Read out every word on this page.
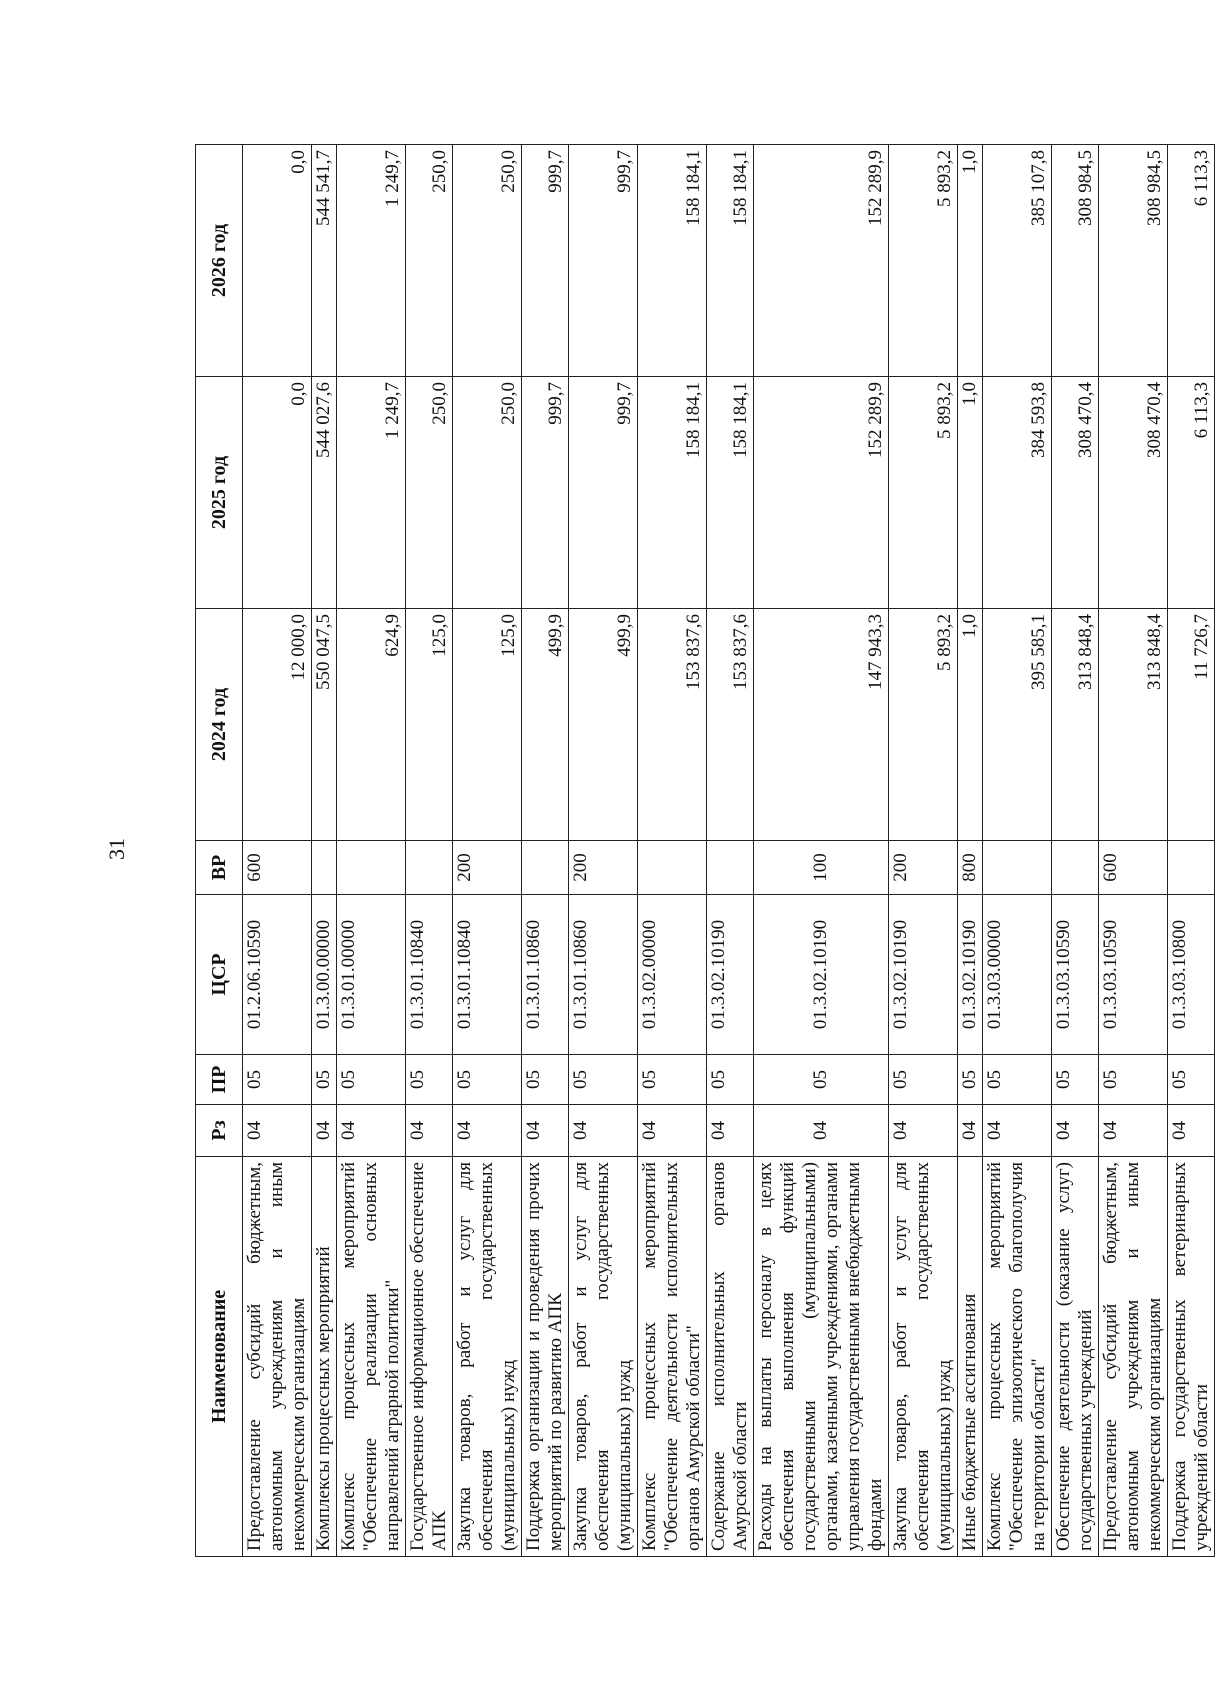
31
Наименование	Рз	ПР	ЦСР	ВР	2024 год	2025 год	2026 год
Предоставление субсидий бюджетным, автономным учреждениям и иным некоммерческим организациям	04	05	01.2.06.10590	600	12 000,0	0,0	0,0
Комплексы процессных мероприятий	04	05	01.3.00.00000		550 047,5	544 027,6	544 541,7
Комплекс процессных мероприятий "Обеспечение реализации основных направлений аграрной политики"	04	05	01.3.01.00000		624,9	1 249,7	1 249,7
Государственное информационное обеспечение АПК	04	05	01.3.01.10840		125,0	250,0	250,0
Закупка товаров, работ и услуг для обеспечения государственных (муниципальных) нужд	04	05	01.3.01.10840	200	125,0	250,0	250,0
Поддержка организации и проведения прочих мероприятий по развитию АПК	04	05	01.3.01.10860		499,9	999,7	999,7
Закупка товаров, работ и услуг для обеспечения государственных (муниципальных) нужд	04	05	01.3.01.10860	200	499,9	999,7	999,7
Комплекс процессных мероприятий "Обеспечение деятельности исполнительных органов Амурской области"	04	05	01.3.02.00000		153 837,6	158 184,1	158 184,1
Содержание исполнительных органов Амурской области	04	05	01.3.02.10190		153 837,6	158 184,1	158 184,1
Расходы на выплаты персоналу в целях обеспечения выполнения функций государственными (муниципальными) органами, казенными учреждениями, органами управления государственными внебюджетными фондами	04	05	01.3.02.10190	100	147 943,3	152 289,9	152 289,9
Закупка товаров, работ и услуг для обеспечения государственных (муниципальных) нужд	04	05	01.3.02.10190	200	5 893,2	5 893,2	5 893,2
Иные бюджетные ассигнования	04	05	01.3.02.10190	800	1,0	1,0	1,0
Комплекс процессных мероприятий "Обеспечение эпизоотического благополучия на территории области"	04	05	01.3.03.00000		395 585,1	384 593,8	385 107,8
Обеспечение деятельности (оказание услуг) государственных учреждений	04	05	01.3.03.10590		313 848,4	308 470,4	308 984,5
Предоставление субсидий бюджетным, автономным учреждениям и иным некоммерческим организациям	04	05	01.3.03.10590	600	313 848,4	308 470,4	308 984,5
Поддержка государственных ветеринарных учреждений области	04	05	01.3.03.10800		11 726,7	6 113,3	6 113,3
